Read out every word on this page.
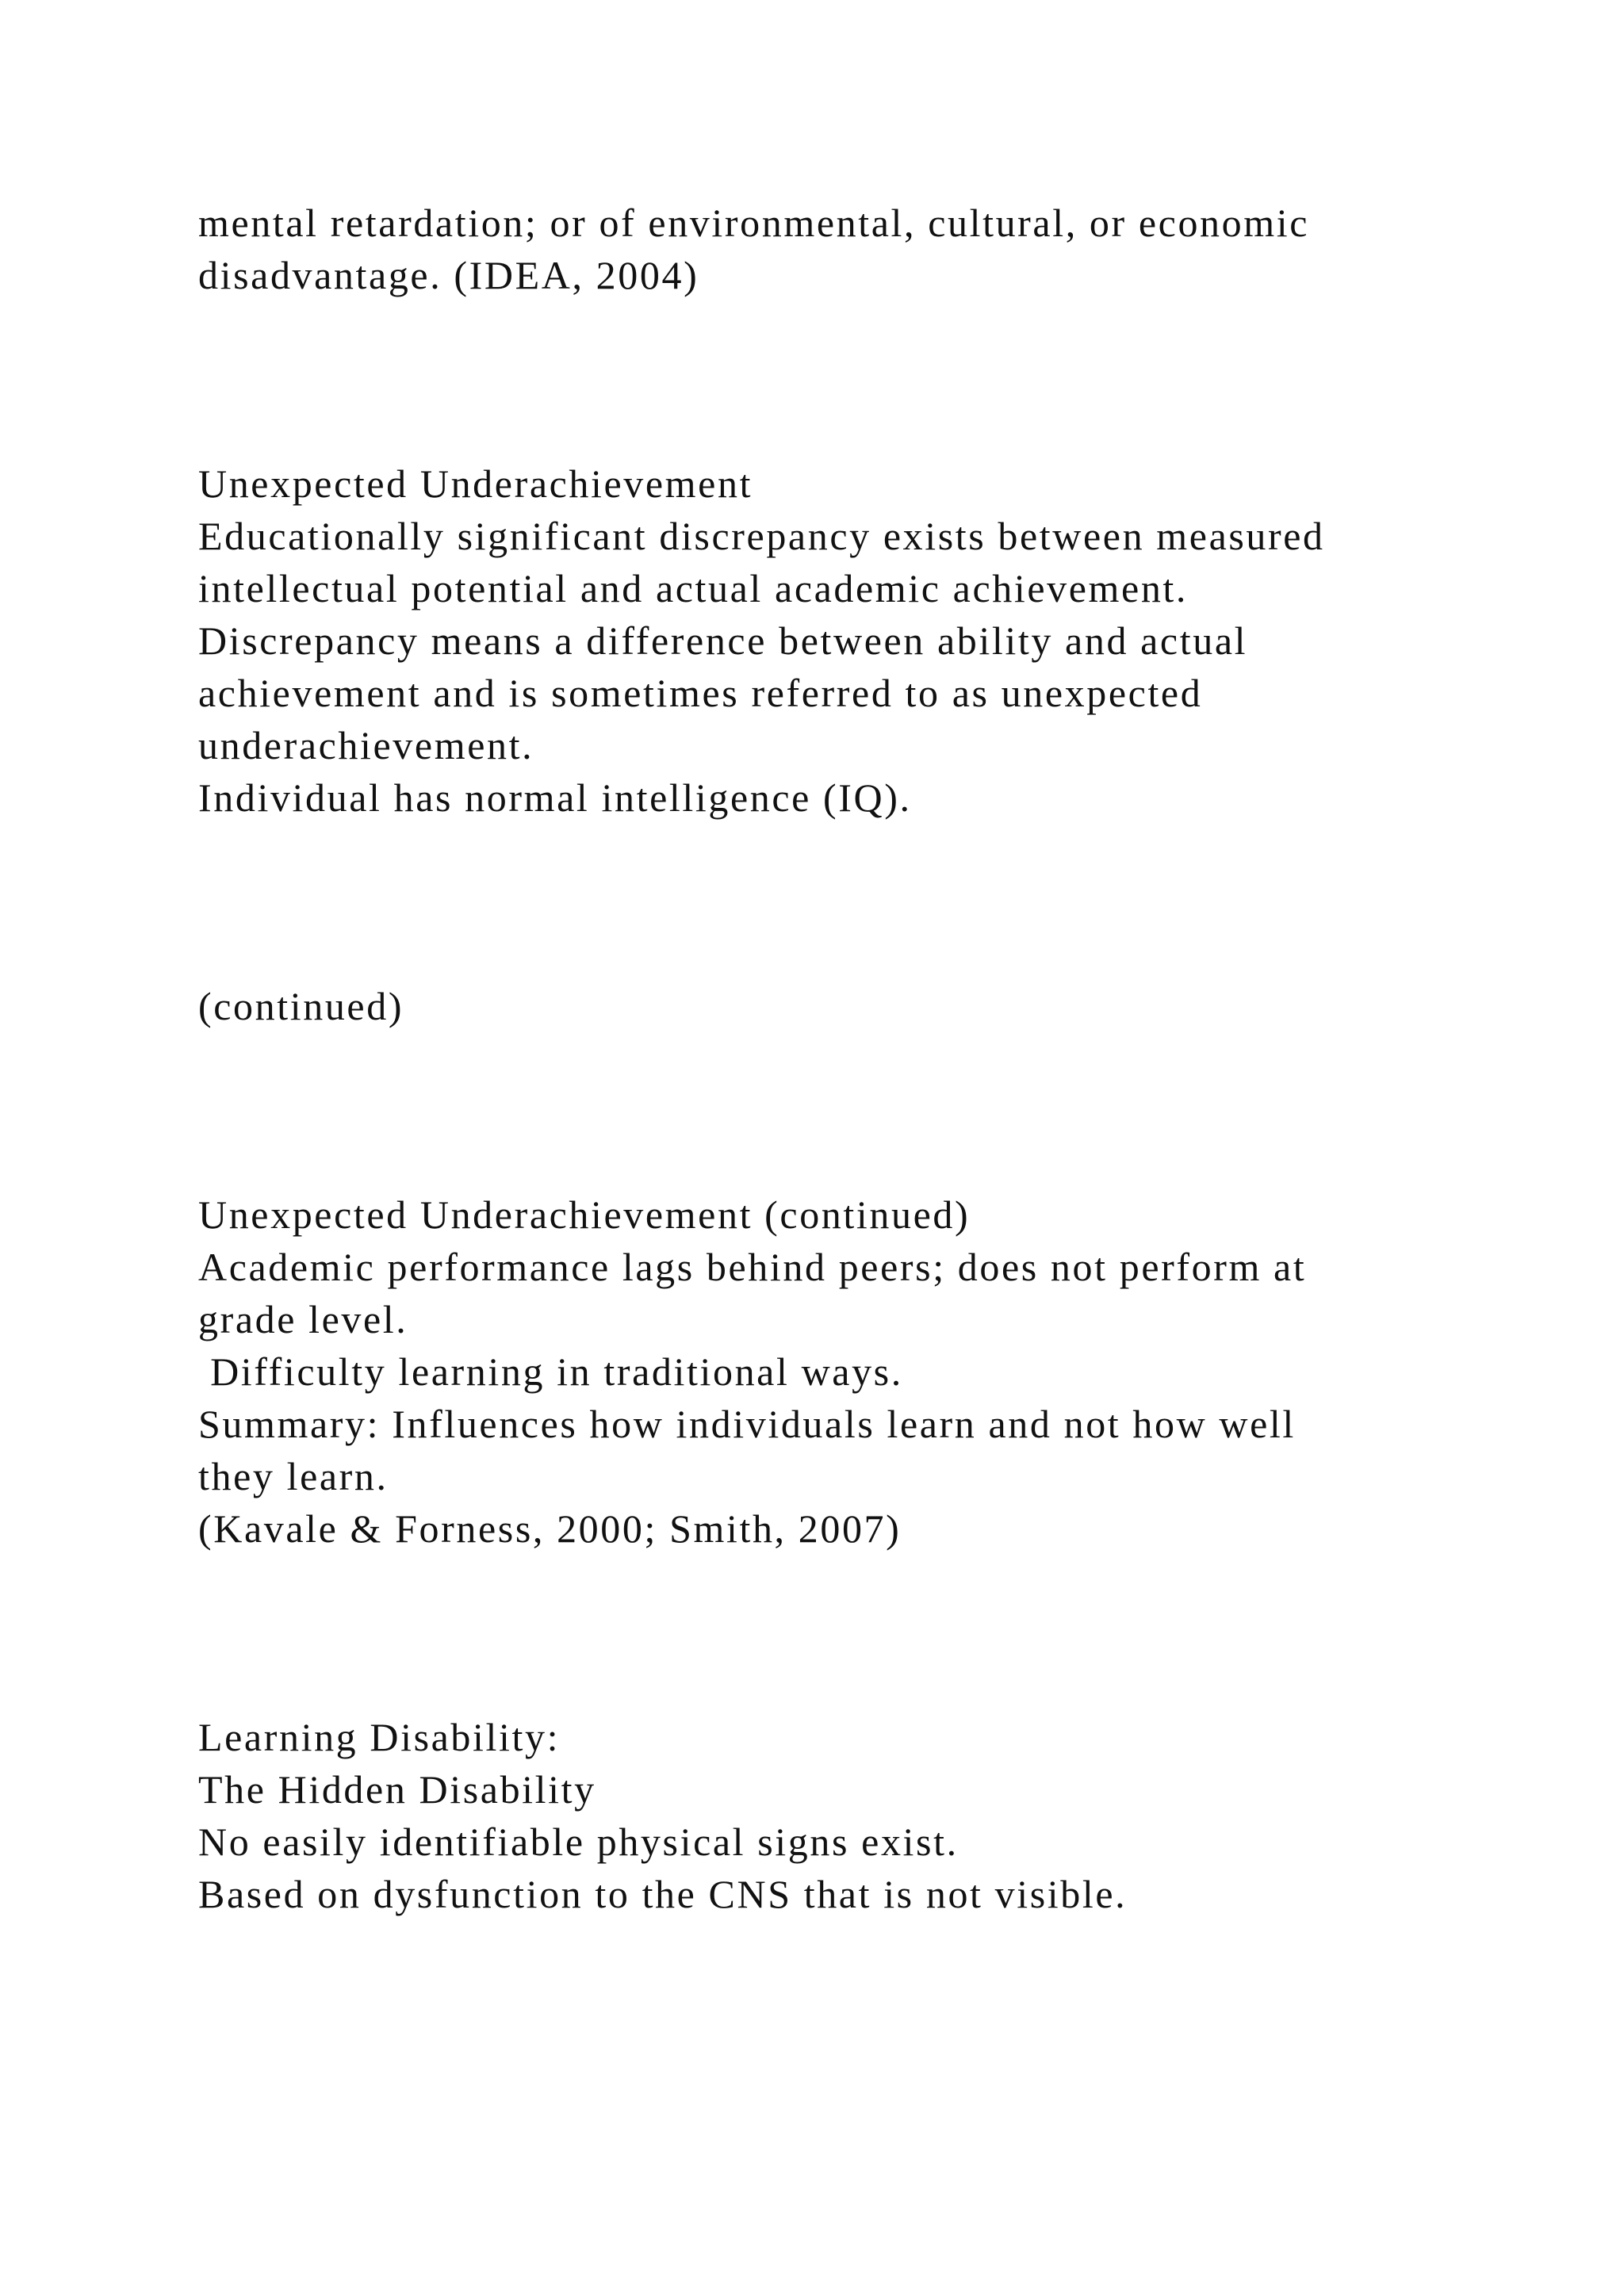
mental retardation; or of environmental, cultural, or economic

disadvantage. (IDEA, 2004)

Unexpected Underachievement

Educationally significant discrepancy exists between measured

intellectual potential and actual academic achievement.

Discrepancy means a difference between ability and actual

achievement and is sometimes referred to as unexpected

underachievement.

Individual has normal intelligence (IQ).

(continued)

Unexpected Underachievement (continued)

Academic performance lags behind peers; does not perform at

grade level.

Difficulty learning in traditional ways.

Summary: Influences how individuals learn and not how well

they learn.

(Kavale & Forness, 2000; Smith, 2007)

Learning Disability:

The Hidden Disability

No easily identifiable physical signs exist.

Based on dysfunction to the CNS that is not visible.
